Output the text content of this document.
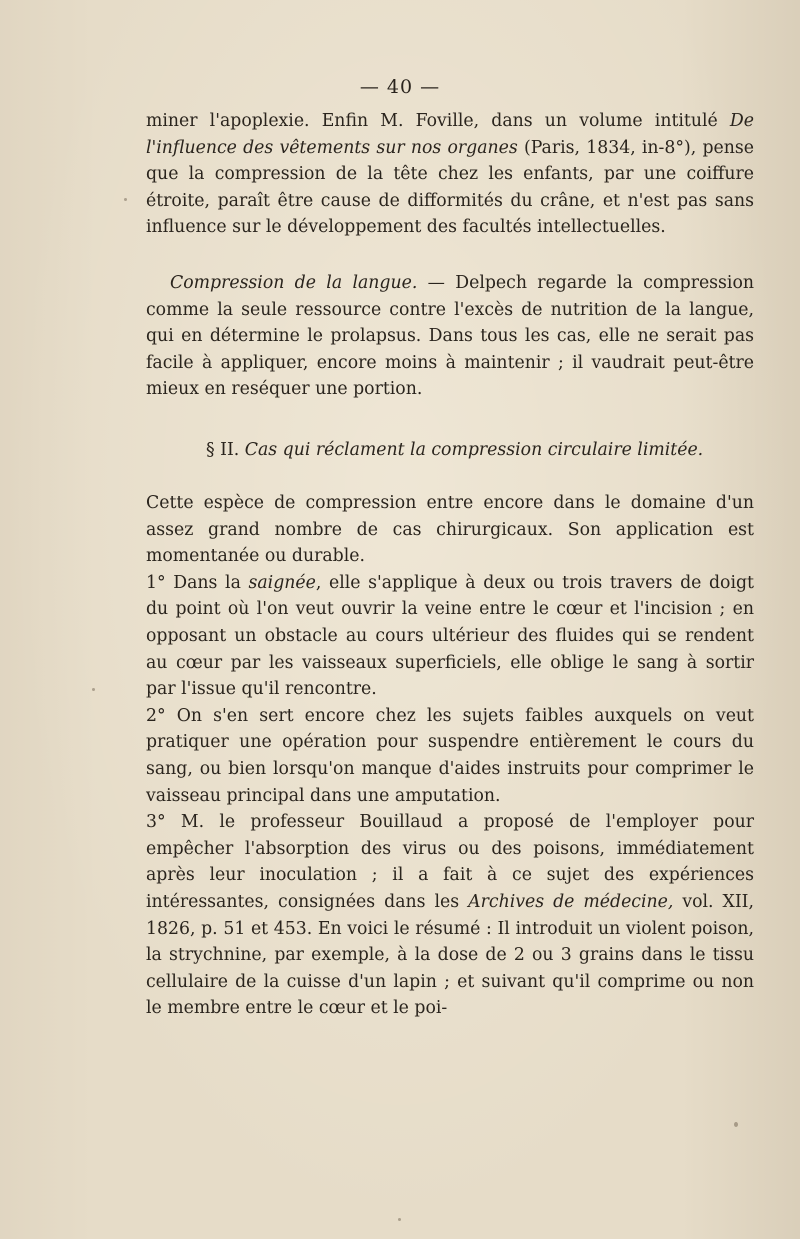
— 40 —

miner l'apoplexie. Enfin M. Foville, dans un volume intitulé De l'influence des vêtements sur nos organes (Paris, 1834, in-8°), pense que la compression de la tête chez les enfants, par une coiffure étroite, paraît être cause de difformités du crâne, et n'est pas sans influence sur le développement des facultés intellectuelles.

Compression de la langue. — Delpech regarde la compression comme la seule ressource contre l'excès de nutrition de la langue, qui en détermine le prolapsus. Dans tous les cas, elle ne serait pas facile à appliquer, encore moins à maintenir ; il vaudrait peut-être mieux en reséquer une portion.

§ II. Cas qui réclament la compression circulaire limitée.

Cette espèce de compression entre encore dans le domaine d'un assez grand nombre de cas chirurgicaux. Son application est momentanée ou durable.

1° Dans la saignée, elle s'applique à deux ou trois travers de doigt du point où l'on veut ouvrir la veine entre le cœur et l'incision ; en opposant un obstacle au cours ultérieur des fluides qui se rendent au cœur par les vaisseaux superficiels, elle oblige le sang à sortir par l'issue qu'il rencontre.

2° On s'en sert encore chez les sujets faibles auxquels on veut pratiquer une opération pour suspendre entièrement le cours du sang, ou bien lorsqu'on manque d'aides instruits pour comprimer le vaisseau principal dans une amputation.

3° M. le professeur Bouillaud a proposé de l'employer pour empêcher l'absorption des virus ou des poisons, immédiatement après leur inoculation ; il a fait à ce sujet des expériences intéressantes, consignées dans les Archives de médecine, vol. XII, 1826, p. 51 et 453. En voici le résumé : Il introduit un violent poison, la strychnine, par exemple, à la dose de 2 ou 3 grains dans le tissu cellulaire de la cuisse d'un lapin ; et suivant qu'il comprime ou non le membre entre le cœur et le poi-
